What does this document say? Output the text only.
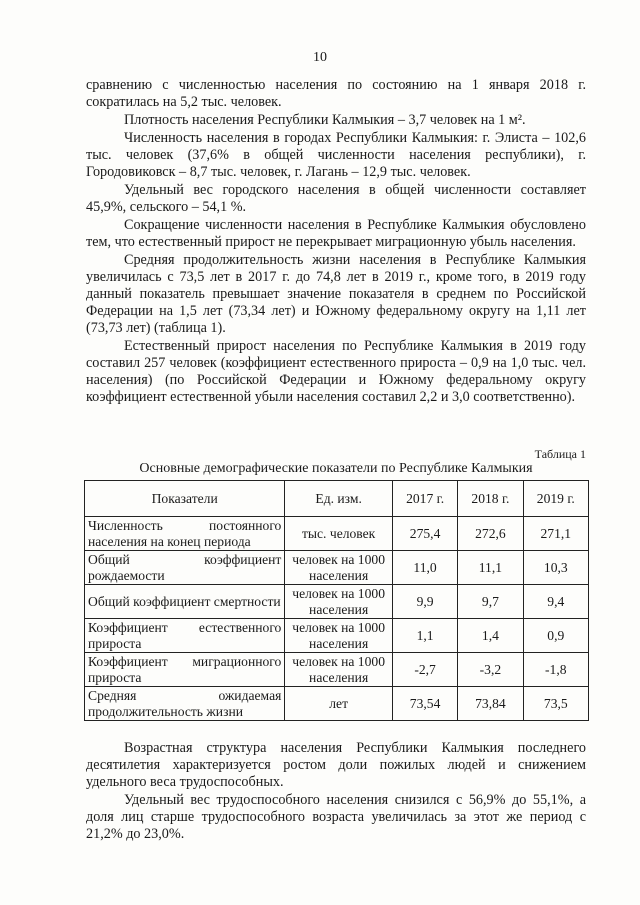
10

сравнению с численностью населения по состоянию на 1 января 2018 г. сократилась на 5,2 тыс. человек.

Плотность населения Республики Калмыкия – 3,7 человек на 1 м².

Численность населения в городах Республики Калмыкия: г. Элиста – 102,6 тыс. человек (37,6% в общей численности населения республики), г. Городовиковск – 8,7 тыс. человек, г. Лагань – 12,9 тыс. человек.

Удельный вес городского населения в общей численности составляет 45,9%, сельского – 54,1 %.

Сокращение численности населения в Республике Калмыкия обусловлено тем, что естественный прирост не перекрывает миграционную убыль населения.

Средняя продолжительность жизни населения в Республике Калмыкия увеличилась с 73,5 лет в 2017 г. до 74,8 лет в 2019 г., кроме того, в 2019 году данный показатель превышает значение показателя в среднем по Российской Федерации на 1,5 лет (73,34 лет) и Южному федеральному округу на 1,11 лет (73,73 лет) (таблица 1).

Естественный прирост населения по Республике Калмыкия в 2019 году составил 257 человек (коэффициент естественного прироста – 0,9 на 1,0 тыс. чел. населения) (по Российской Федерации и Южному федеральному округу коэффициент естественной убыли населения составил 2,2 и 3,0 соответственно).

Таблица 1
Основные демографические показатели по Республике Калмыкия
Показатели	Ед. изм.	2017 г.	2018 г.	2019 г.
Численность постоянного населения на конец периода	тыс. человек	275,4	272,6	271,1
Общий коэффициент рождаемости	человек на 1000 населения	11,0	11,1	10,3
Общий коэффициент смертности	человек на 1000 населения	9,9	9,7	9,4
Коэффициент естественного прироста	человек на 1000 населения	1,1	1,4	0,9
Коэффициент миграционного прироста	человек на 1000 населения	-2,7	-3,2	-1,8
Средняя ожидаемая продолжительность жизни	лет	73,54	73,84	73,5

Возрастная структура населения Республики Калмыкия последнего десятилетия характеризуется ростом доли пожилых людей и снижением удельного веса трудоспособных.

Удельный вес трудоспособного населения снизился с 56,9% до 55,1%, а доля лиц старше трудоспособного возраста увеличилась за этот же период с 21,2% до 23,0%.
